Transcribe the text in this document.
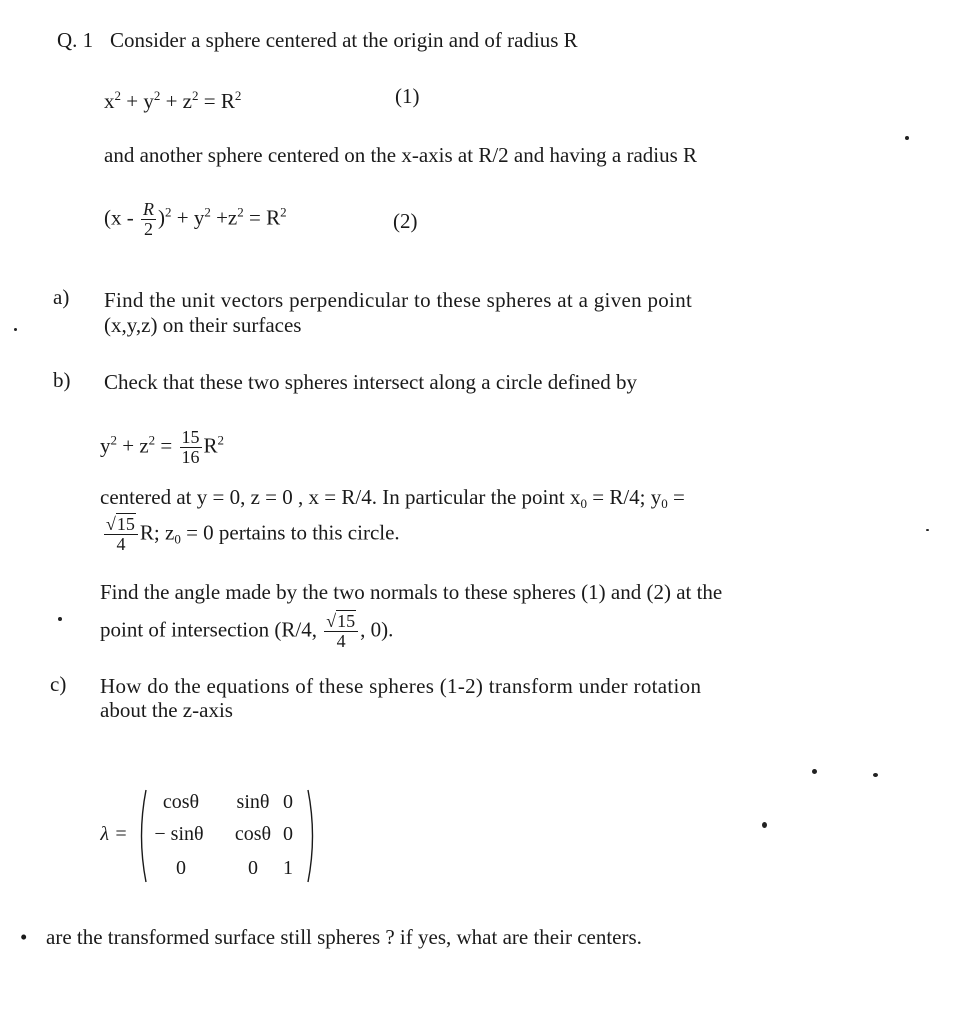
Q. 1 Consider a sphere centered at the origin and of radius R
$x^2 + y^2 + z^2 = R^2$	(1)
and another sphere centered on the x-axis at R/2 and having a radius R
$(x - \frac{R}{2} )^2 + y^2 +z^2 = R^2$	(2)
a) Find the unit vectors perpendicular to these spheres at a given point
(x,y,z) on their surfaces
b) Check that these two spheres intersect along a circle defined by
$y^2 + z^2 = \frac{15}{16} R^2$
centered at y = 0, z = 0 , x = R/4. In particular the point $x_0 = R/4$; $y_0$ =
$\frac{√15}{4} R$; $z_0 = 0$ pertains to this circle.
Find the angle made by the two normals to these spheres (1) and (2) at the
point of intersection (R/4, $\frac{√15}{4}$ , 0).
c) How do the equations of these spheres (1-2) transform under rotation
about the z-axis
λ =
cosθ	sinθ 0
− sinθ	cosθ 0
0	0	1
• are the transformed surface still spheres ? if yes, what are their centers.
